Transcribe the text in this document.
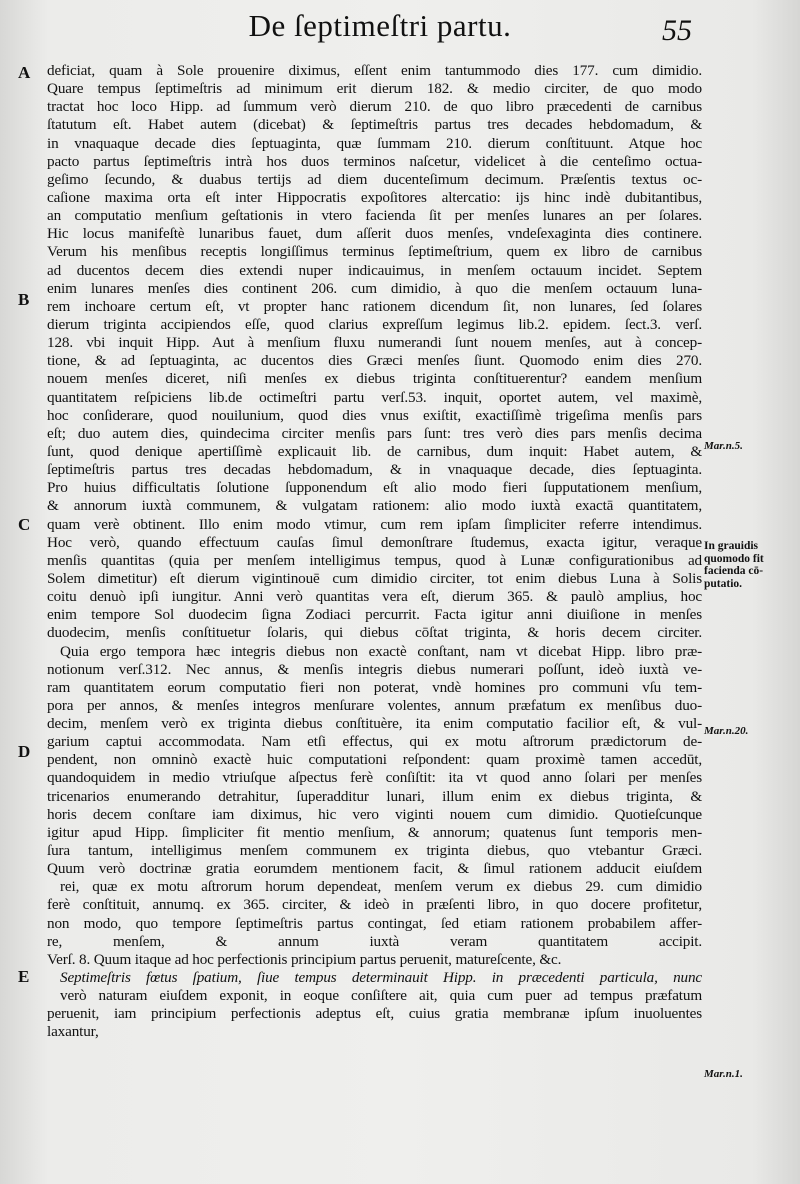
De ſeptimeſtri partu.	55
A
B
C
D
E
Mar.n.5.
In grauidis
quomodo fit
facienda cō-
putatio.
Mar.n.20.
Mar.n.1.
deficiat, quam à Sole prouenire diximus, eſſent enim tantummodo dies 177. cum dimidio.
Quare tempus ſeptimeſtris ad minimum erit dierum 182. & medio circiter, de quo modo
tractat hoc loco Hipp. ad ſummum verò dierum 210. de quo libro præcedenti de carnibus
ſtatutum eſt. Habet autem (dicebat) & ſeptimeſtris partus tres decades hebdomadum, &
in vnaquaque decade dies ſeptuaginta, quæ ſummam 210. dierum conſtituunt. Atque hoc
pacto partus ſeptimeſtris intrà hos duos terminos naſcetur, videlicet à die centeſimo octua-
geſimo ſecundo, & duabus tertijs ad diem ducenteſimum decimum. Præſentis textus oc-
caſione maxima orta eſt inter Hippocratis expoſitores altercatio: ijs hinc indè dubitantibus,
an computatio menſium geſtationis in vtero facienda ſit per menſes lunares an per ſolares.
Hic locus manifeſtè lunaribus fauet, dum aſſerit duos menſes, vndeſexaginta dies continere.
Verum his menſibus receptis longiſſimus terminus ſeptimeſtrium, quem ex libro de carnibus
ad ducentos decem dies extendi nuper indicauimus, in menſem octauum incidet. Septem
enim lunares menſes dies continent 206. cum dimidio, à quo die menſem octauum luna-
rem inchoare certum eſt, vt propter hanc rationem dicendum ſit, non lunares, ſed ſolares
dierum triginta accipiendos eſſe, quod clarius expreſſum legimus lib.2. epidem. ſect.3. verſ.
128. vbi inquit Hipp. Aut à menſium fluxu numerandi ſunt nouem menſes, aut à concep-
tione, & ad ſeptuaginta, ac ducentos dies Græci menſes ſiunt. Quomodo enim dies 270.
nouem menſes diceret, niſi menſes ex diebus triginta conſtituerentur? eandem menſium
quantitatem reſpiciens lib.de octimeſtri partu verſ.53. inquit, oportet autem, vel maximè,
hoc conſiderare, quod nouilunium, quod dies vnus exiſtit, exactiſſimè trigeſima menſis pars
eſt; duo autem dies, quindecima circiter menſis pars ſunt: tres verò dies pars menſis decima
ſunt, quod denique apertiſſimè explicauit lib. de carnibus, dum inquit: Habet autem, &
ſeptimeſtris partus tres decadas hebdomadum, & in vnaquaque decade, dies ſeptuaginta.
Pro huius difficultatis ſolutione ſupponendum eſt alio modo fieri ſupputationem menſium,
& annorum iuxtà communem, & vulgatam rationem: alio modo iuxtà exactā quantitatem,
quam verè obtinent. Illo enim modo vtimur, cum rem ipſam ſimpliciter referre intendimus.
Hoc verò, quando effectuum cauſas ſimul demonſtrare ſtudemus, exacta igitur, veraque
menſis quantitas (quia per menſem intelligimus tempus, quod à Lunæ configurationibus ad
Solem dimetitur) eſt dierum vigintinouē cum dimidio circiter, tot enim diebus Luna à Solis
coitu denuò ipſi iungitur. Anni verò quantitas vera eſt, dierum 365. & paulò amplius, hoc
enim tempore Sol duodecim ſigna Zodiaci percurrit. Facta igitur anni diuiſione in menſes
duodecim, menſis conſtituetur ſolaris, qui diebus cōſtat triginta, & horis decem circiter.
Quia ergo tempora hæc integris diebus non exactè conſtant, nam vt dicebat Hipp. libro præ-
notionum verſ.312. Nec annus, & menſis integris diebus numerari poſſunt, ideò iuxtà ve-
ram quantitatem eorum computatio fieri non poterat, vndè homines pro communi vſu tem-
pora per annos, & menſes integros menſurare volentes, annum præfatum ex menſibus duo-
decim, menſem verò ex triginta diebus conſtituère, ita enim computatio facilior eſt, & vul-
garium captui accommodata. Nam etſi effectus, qui ex motu aſtrorum prædictorum de-
pendent, non omninò exactè huic computationi reſpondent: quam proximè tamen accedūt,
quandoquidem in medio vtriuſque aſpectus ferè conſiſtit: ita vt quod anno ſolari per menſes
tricenarios enumerando detrahitur, ſuperadditur lunari, illum enim ex diebus triginta, &
horis decem conſtare iam diximus, hic vero viginti nouem cum dimidio. Quotieſcunque
igitur apud Hipp. ſimpliciter fit mentio menſium, & annorum; quatenus ſunt temporis men-
ſura tantum, intelligimus menſem communem ex triginta diebus, quo vtebantur Græci.
Quum verò doctrinæ gratia eorumdem mentionem facit, & ſimul rationem adducit eiuſdem
rei, quæ ex motu aſtrorum horum dependeat, menſem verum ex diebus 29. cum dimidio
ferè conſtituit, annumq. ex 365. circiter, & ideò in præſenti libro, in quo docere profitetur,
non modo, quo tempore ſeptimeſtris partus contingat, ſed etiam rationem probabilem affer-
re, menſem, & annum iuxtà veram quantitatem accipit.
Verſ. 8. Quum itaque ad hoc perfectionis principium partus peruenit, matureſcente, &c.
Septimeſtris fœtus ſpatium, ſiue tempus determinauit Hipp. in præcedenti particula, nunc
verò naturam eiuſdem exponit, in eoque conſiſtere ait, quia cum puer ad tempus præfatum
peruenit, iam principium perfectionis adeptus eſt, cuius gratia membranæ ipſum inuoluentes
laxantur,
